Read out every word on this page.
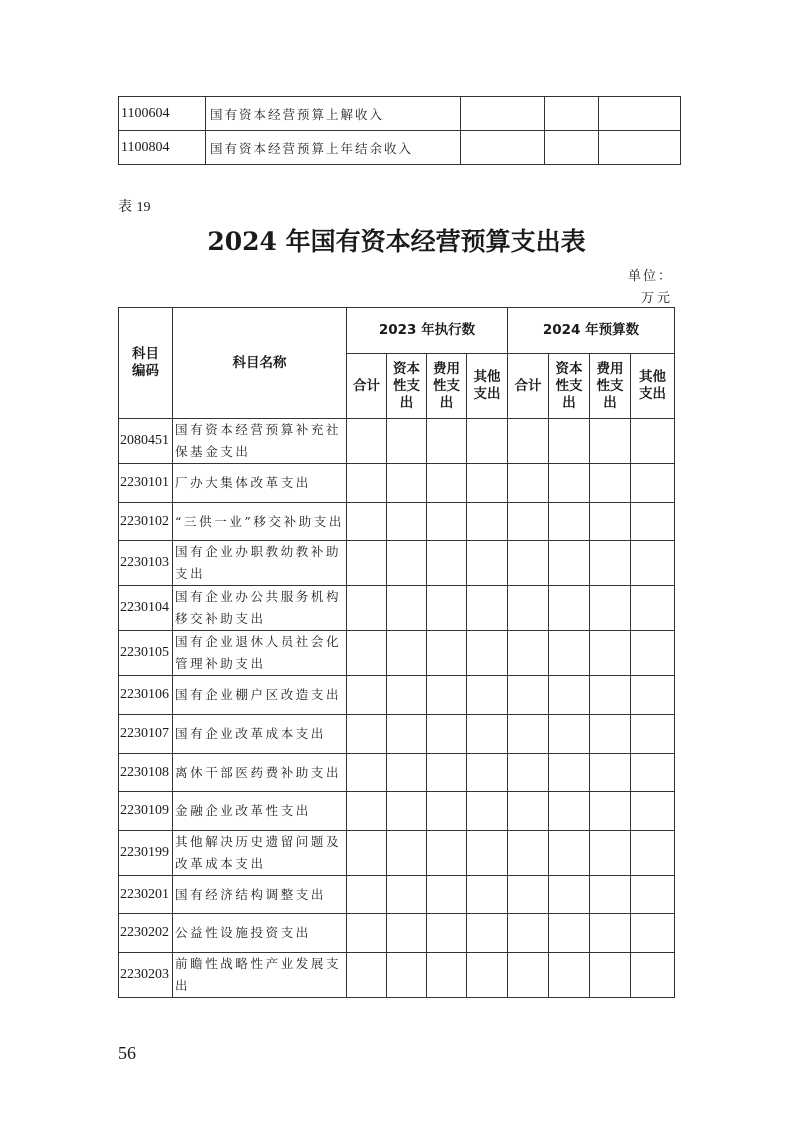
1100604	国有资本经营预算上解收入			
1100804	国有资本经营预算上年结余收入			
表 19
2024 年国有资本经营预算支出表
单位：
万元
科目编码	科目名称	2023 年执行数				2024 年预算数			

		合计	资本性支出	费用性支出	其他支出	合计	资本性支出	费用性支出	其他支出

2080451	国有资本经营预算补充社保基金支出								
2230101	厂办大集体改革支出								
2230102	“三供一业”移交补助支出								
2230103	国有企业办职教幼教补助支出								
2230104	国有企业办公共服务机构移交补助支出								
2230105	国有企业退休人员社会化管理补助支出								
2230106	国有企业棚户区改造支出								
2230107	国有企业改革成本支出								
2230108	离休干部医药费补助支出								
2230109	金融企业改革性支出								
2230199	其他解决历史遗留问题及改革成本支出								
2230201	国有经济结构调整支出								
2230202	公益性设施投资支出								
2230203	前瞻性战略性产业发展支出								
56
